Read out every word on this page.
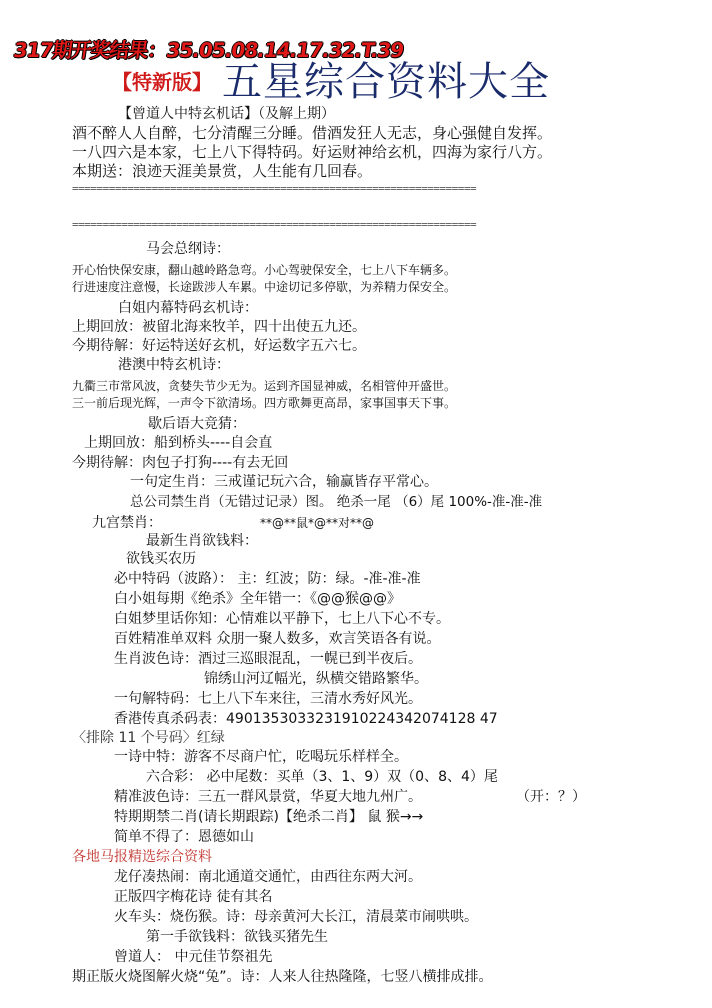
317期开奖结果：35.05.08.14.17.32.T.39
【特新版】 五星综合资料大全
【曾道人中特玄机话】（及解上期）
酒不醉人人自醉，七分清醒三分睡。借酒发狂人无志，身心强健自发挥。
一八四六是本家，七上八下得特码。好运财神给玄机，四海为家行八方。
本期送：浪迹天涯美景赏，人生能有几回春。
==================================================================
==================================================================
马会总纲诗：
开心怡快保安康，翻山越岭路急弯。小心驾驶保安全，七上八下车辆多。
行进速度注意慢，长途跋涉人车累。中途切记多停歇，为养精力保安全。
白姐内幕特码玄机诗：
上期回放：被留北海来牧羊，四十出使五九还。
今期待解：好运特送好玄机，好运数字五六七。
港澳中特玄机诗：
九衢三市常风波，贪婪失节少无为。运到齐国显神威，名相管仲开盛世。
三一前后现光辉，一声令下欲清场。四方歌舞更高昂，家事国事天下事。
歇后语大竞猜：
上期回放：船到桥头----自会直
今期待解：肉包子打狗----有去无回
一句定生肖：三戒谨记玩六合，输赢皆存平常心。
总公司禁生肖（无错过记录）图。 绝杀一尾 （6）尾 100%-准-准-准
九宫禁肖：	**@**鼠*@**对**@
最新生肖欲钱料：
欲钱买农历
必中特码（波路）： 主：红波；防：绿。-准-准-准
白小姐每期《绝杀》全年错一：《@@猴@@》
白姐梦里话你知：心情难以平静下，七上八下心不专。
百姓精准单双料 众朋一聚人数多，欢言笑语各有说。
生肖波色诗：酒过三巡眼混乱，一幌已到半夜后。
锦绣山河辽幅光，纵横交错路繁华。
一句解特码：七上八下车来往，三清水秀好风光。
香港传真杀码表：4901353033231910224342074128 47
〈排除 11 个号码〉红绿
一诗中特：游客不尽商户忙，吃喝玩乐样样全。
六合彩： 必中尾数：买单（3、1、9）双（0、8、4）尾
精准波色诗：三五一群风景赏，华夏大地九州广。	（开：？）
特期期禁二肖(请长期跟踪)【绝杀二肖】 鼠 猴→→
简单不得了：恩德如山
各地马报精选综合资料
龙仔凑热闹：南北通道交通忙，由西往东两大河。
正版四字梅花诗 徒有其名
火车头：烧伤猴。诗：母亲黄河大长江，清晨菜市闹哄哄。
第一手欲钱料：欲钱买猪先生
曾道人： 中元佳节祭祖先
期正版火烧图解火烧“兔”。诗：人来人往热隆隆，七竖八横排成排。
